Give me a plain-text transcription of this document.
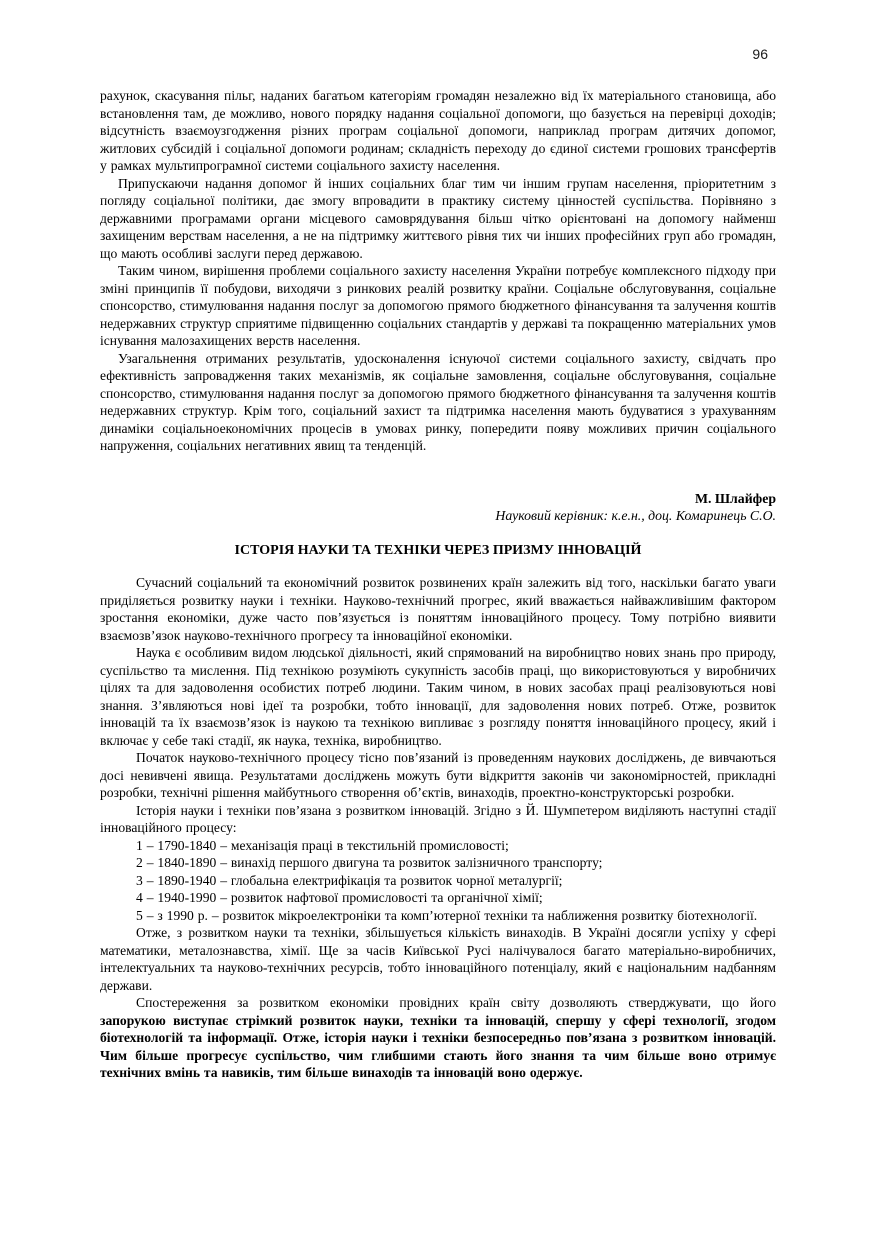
96

рахунок, скасування пільг, наданих багатьом категоріям громадян незалежно від їх матеріального становища, або встановлення там, де можливо, нового порядку надання соціальної допомоги, що базується на перевірці доходів; відсутність взаємоузгодження різних програм соціальної допомоги, наприклад програм дитячих допомог, житлових субсидій і соціальної допомоги родинам; складність переходу до єдиної системи грошових трансфертів у рамках мультипрограмної системи соціального захисту населення.

Припускаючи надання допомог й інших соціальних благ тим чи іншим групам населення, пріоритетним з погляду соціальної політики, дає змогу впровадити в практику систему цінностей суспільства. Порівняно з державними програмами органи місцевого самоврядування більш чітко орієнтовані на допомогу найменш захищеним верствам населення, а не на підтримку життєвого рівня тих чи інших професійних груп або громадян, що мають особливі заслуги перед державою.

Таким чином, вирішення проблеми соціального захисту населення України потребує комплексного підходу при зміні принципів її побудови, виходячи з ринкових реалій розвитку країни. Соціальне обслуговування, соціальне спонсорство, стимулювання надання послуг за допомогою прямого бюджетного фінансування та залучення коштів недержавних структур сприятиме підвищенню соціальних стандартів у державі та покращенню матеріальних умов існування малозахищених верств населення.

Узагальнення отриманих результатів, удосконалення існуючої системи соціального захисту, свідчать про ефективність запровадження таких механізмів, як соціальне замовлення, соціальне обслуговування, соціальне спонсорство, стимулювання надання послуг за допомогою прямого бюджетного фінансування та залучення коштів недержавних структур. Крім того, соціальний захист та підтримка населення мають будуватися з урахуванням динаміки соціальноекономічних процесів в умовах ринку, попередити появу можливих причин соціального напруження, соціальних негативних явищ та тенденцій.

М. Шлайфер
Науковий керівник: к.е.н., доц. Комаринець С.О.
ІСТОРІЯ НАУКИ ТА ТЕХНІКИ ЧЕРЕЗ ПРИЗМУ ІННОВАЦІЙ

Сучасний соціальний та економічний розвиток розвинених країн залежить від того, наскільки багато уваги приділяється розвитку науки і техніки. Науково-технічний прогрес, який вважається найважливішим фактором зростання економіки, дуже часто пов’язується із поняттям інноваційного процесу. Тому потрібно виявити взаємозв’язок науково-технічного прогресу та інноваційної економіки.

Наука є особливим видом людської діяльності, який спрямований на виробництво нових знань про природу, суспільство та мислення. Під технікою розуміють сукупність засобів праці, що використовуються у виробничих цілях та для задоволення особистих потреб людини. Таким чином, в нових засобах праці реалізовуються нові знання. З’являються нові ідеї та розробки, тобто інновації, для задоволення нових потреб. Отже, розвиток інновацій та їх взаємозв’язок із наукою та технікою випливає з розгляду поняття інноваційного процесу, який і включає у себе такі стадії, як наука, техніка, виробництво.

Початок науково-технічного процесу тісно пов’язаний із проведенням наукових досліджень, де вивчаються досі невивчені явища. Результатами досліджень можуть бути відкриття законів чи закономірностей, прикладні розробки, технічні рішення майбутнього створення об’єктів, винаходів, проектно-конструкторські розробки.

Історія науки і техніки пов’язана з розвитком інновацій. Згідно з Й. Шумпетером виділяють наступні стадії інноваційного процесу:

1 – 1790-1840 – механізація праці в текстильній промисловості;

2 – 1840-1890 – винахід першого двигуна та розвиток залізничного транспорту;

3 – 1890-1940 – глобальна електрифікація та розвиток чорної металургії;

4 – 1940-1990 – розвиток нафтової промисловості та органічної хімії;

5 – з 1990 р. – розвиток мікроелектроніки та комп’ютерної техніки та наближення розвитку біотехнології.

Отже, з розвитком науки та техніки, збільшується кількість винаходів. В Україні досягли успіху у сфері математики, металознавства, хімії. Ще за часів Київської Русі налічувалося багато матеріально-виробничих, інтелектуальних та науково-технічних ресурсів, тобто інноваційного потенціалу, який є національним надбанням держави.

Спостереження за розвитком економіки провідних країн світу дозволяють стверджувати, що його запорукою виступає стрімкий розвиток науки, техніки та інновацій, спершу у сфері технології, згодом біотехнологій та інформації. Отже, історія науки і техніки безпосередньо пов’язана з розвитком інновацій. Чим більше прогресує суспільство, чим глибшими стають його знання та чим більше воно отримує технічних вмінь та навиків, тим більше винаходів та інновацій воно одержує.
